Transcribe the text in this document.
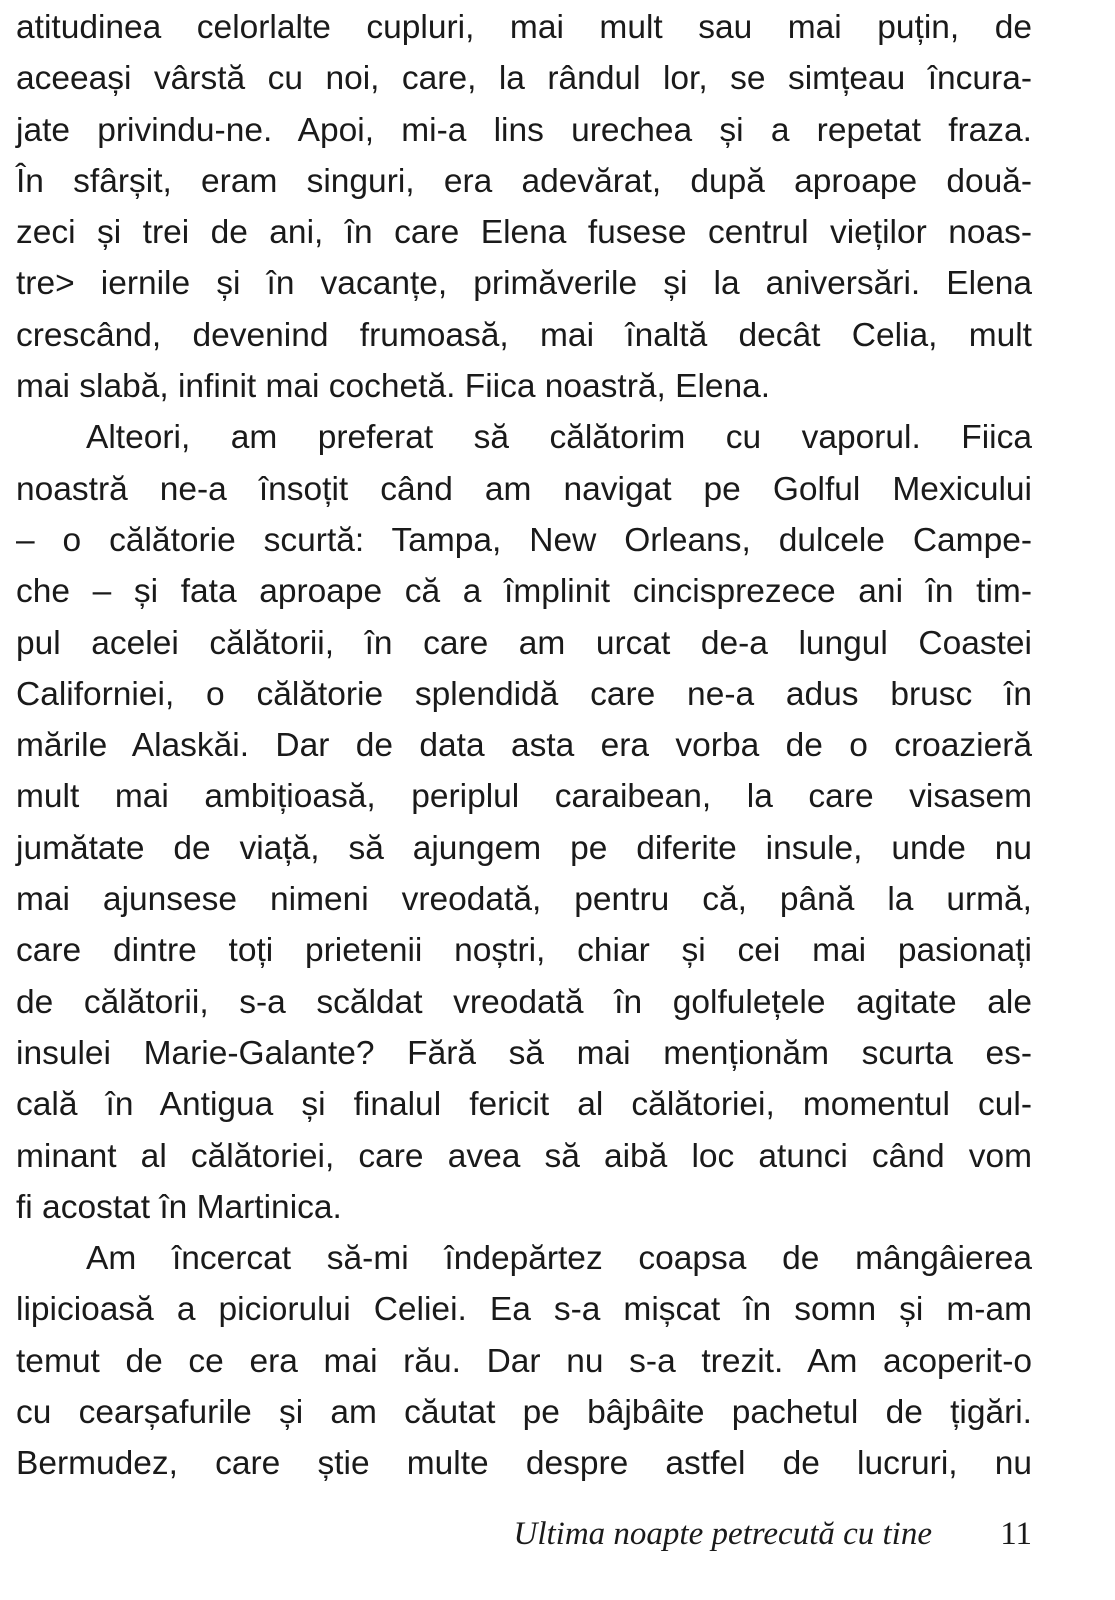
atitudinea celorlalte cupluri, mai mult sau mai puțin, de
aceeași vârstă cu noi, care, la rândul lor, se simțeau încura-
jate privindu-ne. Apoi, mi-a lins urechea și a repetat fraza.
În sfârșit, eram singuri, era adevărat, după aproape două-
zeci și trei de ani, în care Elena fusese centrul vieților noas-
tre> iernile și în vacanțe, primăverile și la aniversări. Elena
crescând, devenind frumoasă, mai înaltă decât Celia, mult
mai slabă, infinit mai cochetă. Fiica noastră, Elena.
Alteori, am preferat să călătorim cu vaporul. Fiica
noastră ne-a însoțit când am navigat pe Golful Mexicului
– o călătorie scurtă: Tampa, New Orleans, dulcele Campe-
che – și fata aproape că a împlinit cincisprezece ani în tim-
pul acelei călătorii, în care am urcat de-a lungul Coastei
Californiei, o călătorie splendidă care ne-a adus brusc în
mările Alaskăi. Dar de data asta era vorba de o croazieră
mult mai ambițioasă, periplul caraibean, la care visasem
jumătate de viață, să ajungem pe diferite insule, unde nu
mai ajunsese nimeni vreodată, pentru că, până la urmă,
care dintre toți prietenii noștri, chiar și cei mai pasionați
de călătorii, s-a scăldat vreodată în golfulețele agitate ale
insulei Marie-Galante? Fără să mai menționăm scurta es-
cală în Antigua și finalul fericit al călătoriei, momentul cul-
minant al călătoriei, care avea să aibă loc atunci când vom
fi acostat în Martinica.
Am încercat să-mi îndepărtez coapsa de mângâierea
lipicioasă a piciorului Celiei. Ea s-a mișcat în somn și m-am
temut de ce era mai rău. Dar nu s-a trezit. Am acoperit-o
cu cearșafurile și am căutat pe bâjbâite pachetul de țigări.
Bermudez, care știe multe despre astfel de lucruri, nu
Ultima noapte petrecută cu tine 11
